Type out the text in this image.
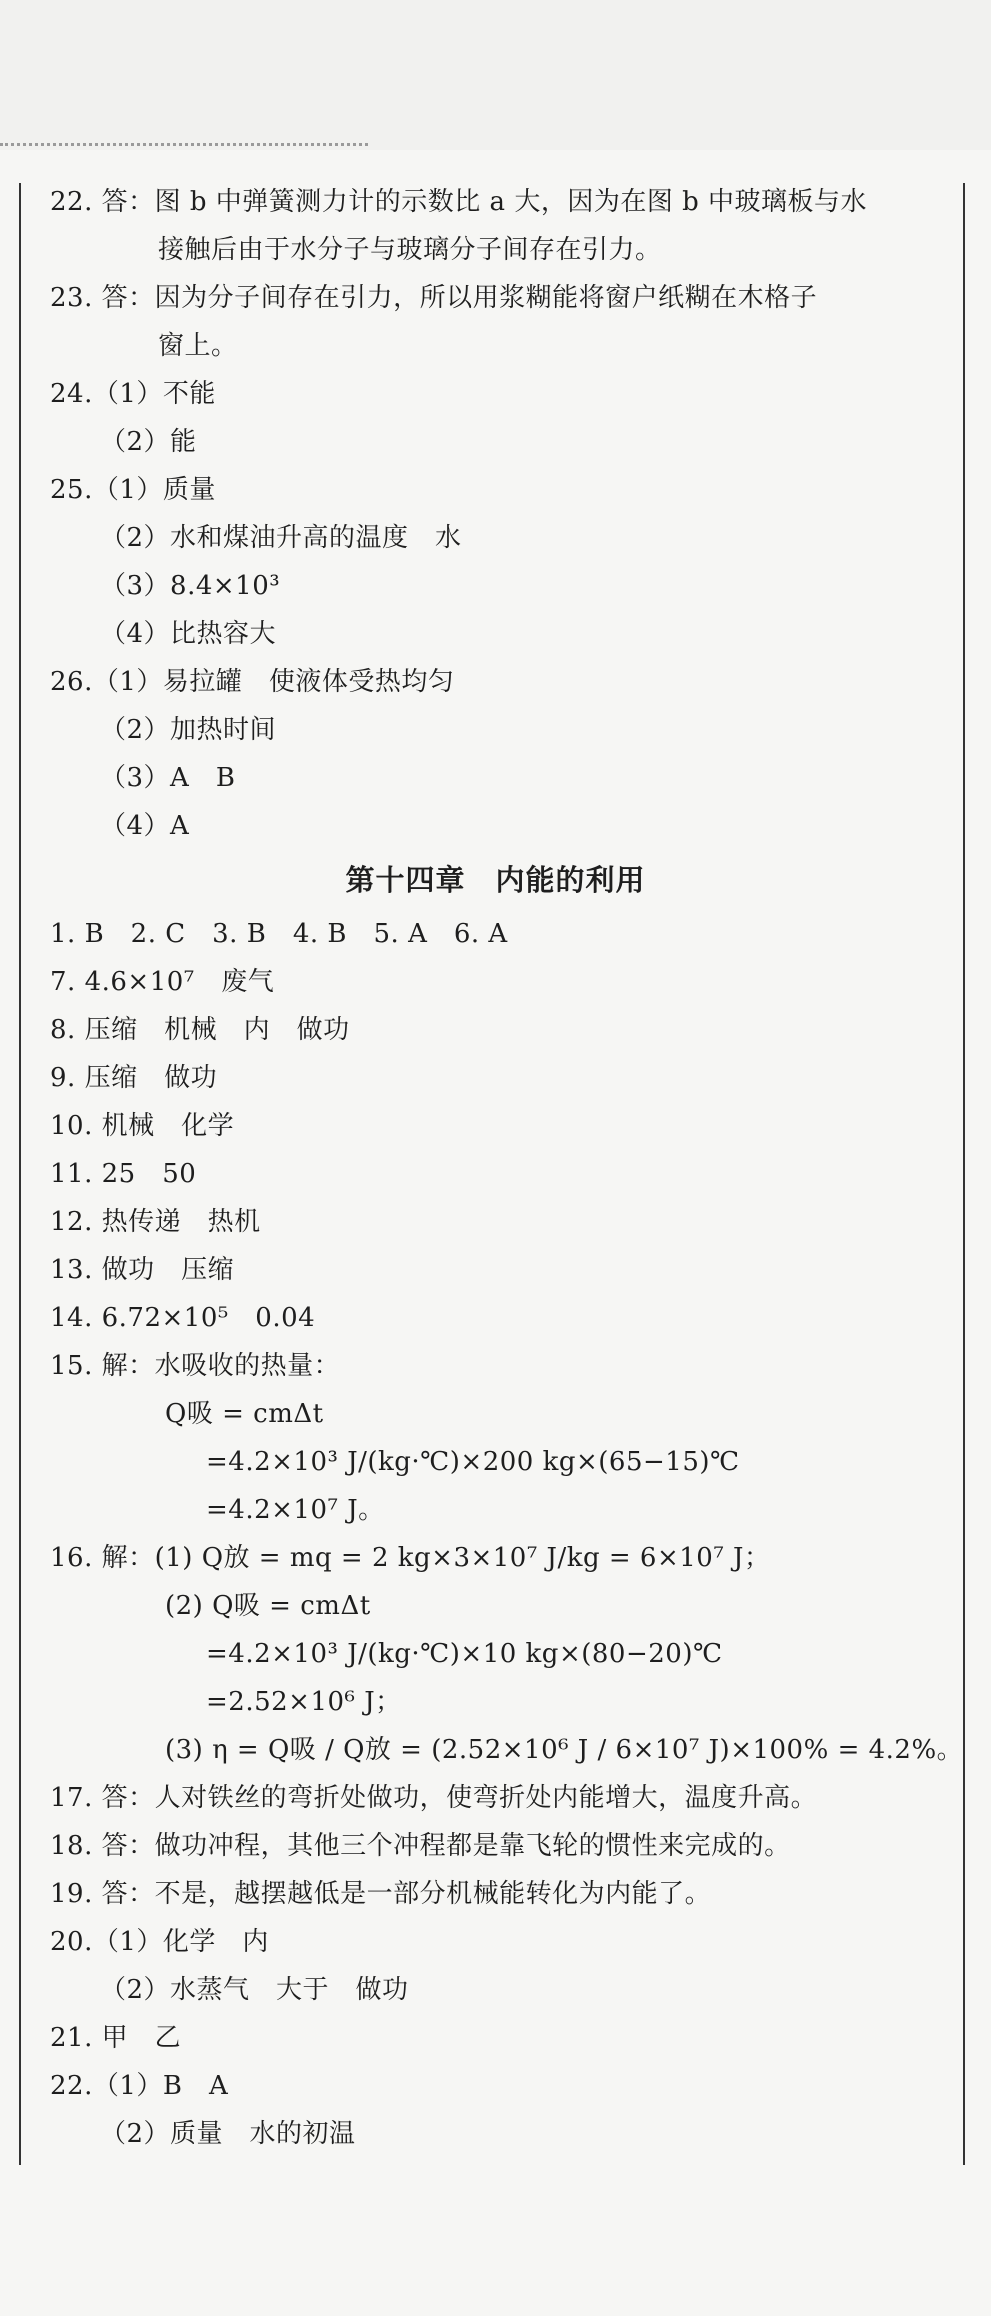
22. 答：图 b 中弹簧测力计的示数比 a 大，因为在图 b 中玻璃板与水
接触后由于水分子与玻璃分子间存在引力。
23. 答：因为分子间存在引力，所以用浆糊能将窗户纸糊在木格子
窗上。
24.（1）不能
（2）能
25.（1）质量
（2）水和煤油升高的温度　水
（3）8.4×10³
（4）比热容大
26.（1）易拉罐　使液体受热均匀
（2）加热时间
（3）A　B
（4）A
第十四章　内能的利用
1. B　2. C　3. B　4. B　5. A　6. A
7. 4.6×10⁷　废气
8. 压缩　机械　内　做功
9. 压缩　做功
10. 机械　化学
11. 25　50
12. 热传递　热机
13. 做功　压缩
14. 6.72×10⁵　0.04
15. 解：水吸收的热量：
Q吸 = cmΔt
=4.2×10³ J/(kg·℃)×200 kg×(65−15)℃
=4.2×10⁷ J。
16. 解：(1) Q放 = mq = 2 kg×3×10⁷ J/kg = 6×10⁷ J；
(2) Q吸 = cmΔt
=4.2×10³ J/(kg·℃)×10 kg×(80−20)℃
=2.52×10⁶ J；
(3) η = Q吸 / Q放 = (2.52×10⁶ J / 6×10⁷ J)×100% = 4.2%。
17. 答：人对铁丝的弯折处做功，使弯折处内能增大，温度升高。
18. 答：做功冲程，其他三个冲程都是靠飞轮的惯性来完成的。
19. 答：不是，越摆越低是一部分机械能转化为内能了。
20.（1）化学　内
（2）水蒸气　大于　做功
21. 甲　乙
22.（1）B　A
（2）质量　水的初温
